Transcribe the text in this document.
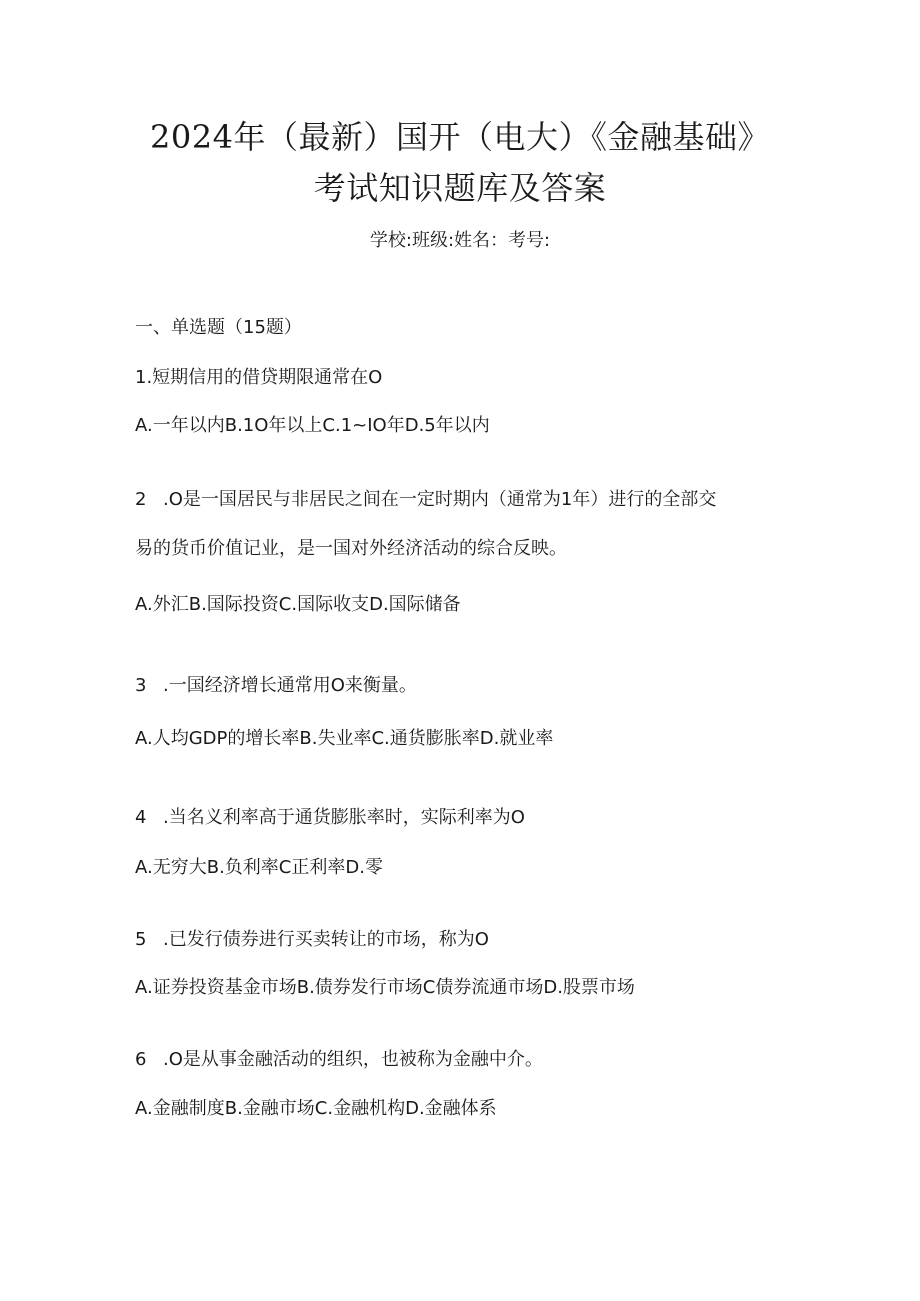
2024年（最新）国开（电大）《金融基础》
考试知识题库及答案
学校:班级:姓名：考号:
一、单选题（15题）
1.短期信用的借贷期限通常在O
A.一年以内B.1O年以上C.1~IO年D.5年以内
2 .O是一国居民与非居民之间在一定时期内（通常为1年）进行的全部交
易的货币价值记业，是一国对外经济活动的综合反映。
A.外汇B.国际投资C.国际收支D.国际储备
3 .一国经济增长通常用O来衡量。
A.人均GDP的增长率B.失业率C.通货膨胀率D.就业率
4 .当名义利率高于通货膨胀率时，实际利率为O
A.无穷大B.负利率C正利率D.零
5 .已发行债券进行买卖转让的市场，称为O
A.证券投资基金市场B.债券发行市场C债券流通市场D.股票市场
6 .O是从事金融活动的组织，也被称为金融中介。
A.金融制度B.金融市场C.金融机构D.金融体系
